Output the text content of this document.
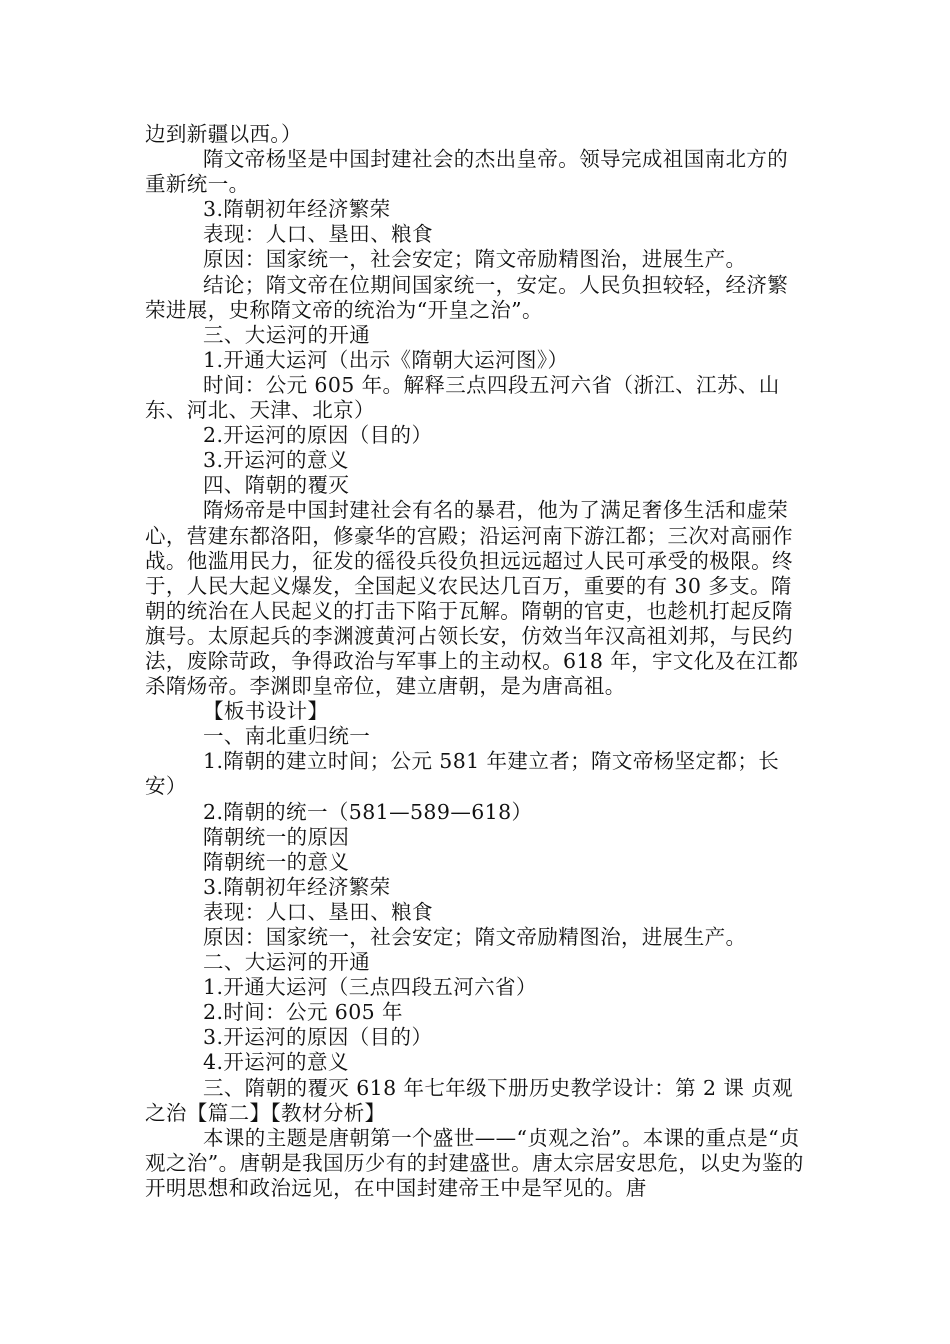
边到新疆以西。）

隋文帝杨坚是中国封建社会的杰出皇帝。领导完成祖国南北方的重新统一。

3.隋朝初年经济繁荣

表现：人口、垦田、粮食

原因：国家统一，社会安定；隋文帝励精图治，进展生产。

结论；隋文帝在位期间国家统一，安定。人民负担较轻，经济繁荣进展，史称隋文帝的统治为“开皇之治”。

三、大运河的开通

1.开通大运河（出示《隋朝大运河图》）

时间：公元 605 年。解释三点四段五河六省（浙江、江苏、山东、河北、天津、北京）

2.开运河的原因（目的）

3.开运河的意义

四、隋朝的覆灭

隋炀帝是中国封建社会有名的暴君，他为了满足奢侈生活和虚荣心，营建东都洛阳，修豪华的宫殿；沿运河南下游江都；三次对高丽作战。他滥用民力，征发的徭役兵役负担远远超过人民可承受的极限。终于，人民大起义爆发，全国起义农民达几百万，重要的有 30 多支。隋朝的统治在人民起义的打击下陷于瓦解。隋朝的官吏，也趁机打起反隋旗号。太原起兵的李渊渡黄河占领长安，仿效当年汉高祖刘邦，与民约法，废除苛政，争得政治与军事上的主动权。618 年，宇文化及在江都杀隋炀帝。李渊即皇帝位，建立唐朝，是为唐高祖。

【板书设计】

一、南北重归统一

1.隋朝的建立时间；公元 581 年建立者；隋文帝杨坚定都；长安）

2.隋朝的统一（581—589—618）

隋朝统一的原因

隋朝统一的意义

3.隋朝初年经济繁荣

表现：人口、垦田、粮食

原因：国家统一，社会安定；隋文帝励精图治，进展生产。

二、大运河的开通

1.开通大运河（三点四段五河六省）

2.时间：公元 605 年

3.开运河的原因（目的）

4.开运河的意义

三、隋朝的覆灭 618 年七年级下册历史教学设计：第 2 课 贞观之治【篇二】【教材分析】

本课的主题是唐朝第一个盛世——“贞观之治”。本课的重点是“贞观之治”。唐朝是我国历少有的封建盛世。唐太宗居安思危，以史为鉴的开明思想和政治远见，在中国封建帝王中是罕见的。唐
